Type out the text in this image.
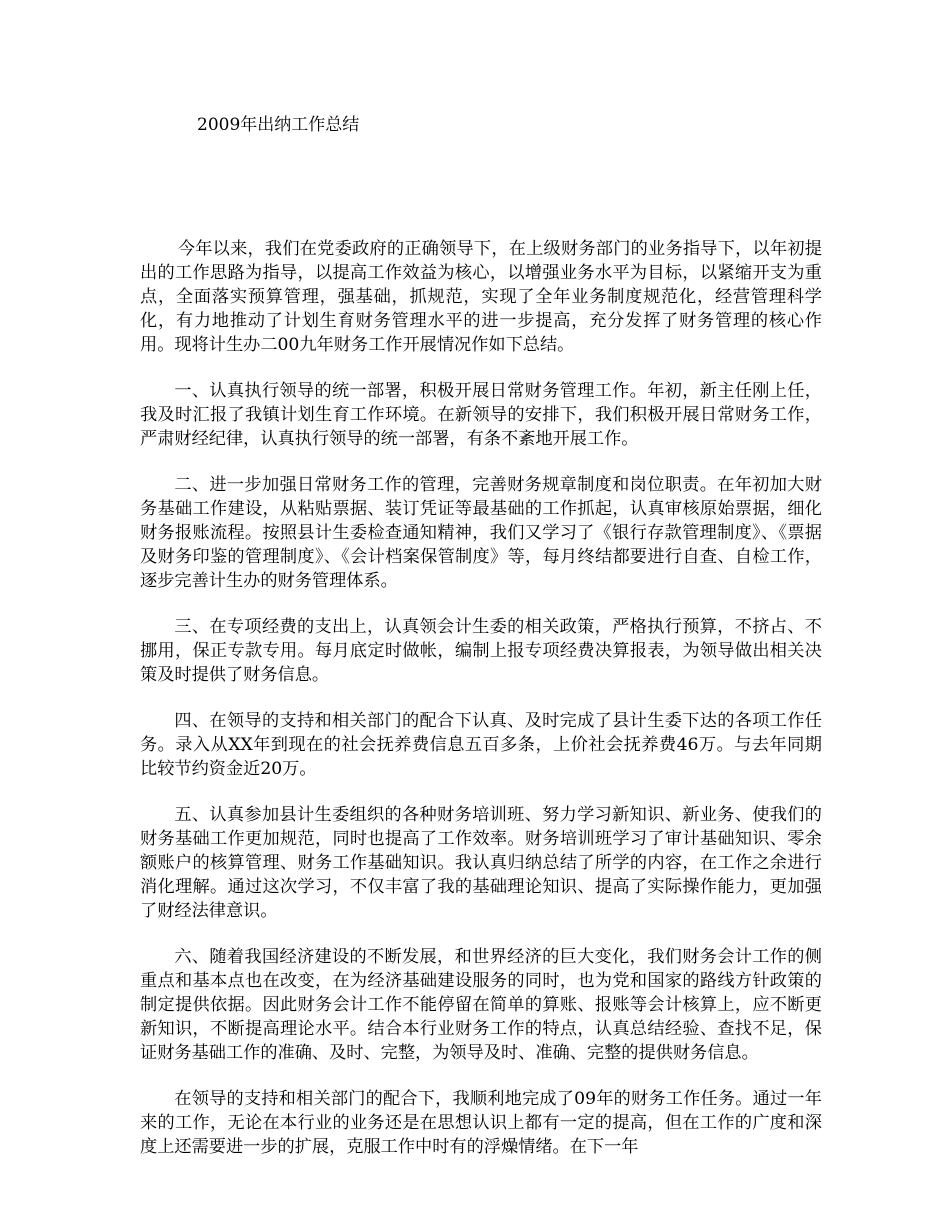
2009年出纳工作总结

今年以来，我们在党委政府的正确领导下，在上级财务部门的业务指导下，以年初提出的工作思路为指导，以提高工作效益为核心，以增强业务水平为目标，以紧缩开支为重点，全面落实预算管理，强基础，抓规范，实现了全年业务制度规范化，经营管理科学化，有力地推动了计划生育财务管理水平的进一步提高，充分发挥了财务管理的核心作用。现将计生办二00九年财务工作开展情况作如下总结。

一、认真执行领导的统一部署，积极开展日常财务管理工作。年初，新主任刚上任，我及时汇报了我镇计划生育工作环境。在新领导的安排下，我们积极开展日常财务工作，严肃财经纪律，认真执行领导的统一部署，有条不紊地开展工作。

二、进一步加强日常财务工作的管理，完善财务规章制度和岗位职责。在年初加大财务基础工作建设，从粘贴票据、装订凭证等最基础的工作抓起，认真审核原始票据，细化财务报账流程。按照县计生委检查通知精神，我们又学习了《银行存款管理制度》、《票据及财务印鉴的管理制度》、《会计档案保管制度》等，每月终结都要进行自查、自检工作，逐步完善计生办的财务管理体系。

三、在专项经费的支出上，认真领会计生委的相关政策，严格执行预算，不挤占、不挪用，保正专款专用。每月底定时做帐，编制上报专项经费决算报表，为领导做出相关决策及时提供了财务信息。

四、在领导的支持和相关部门的配合下认真、及时完成了县计生委下达的各项工作任务。录入从XX年到现在的社会抚养费信息五百多条，上价社会抚养费46万。与去年同期比较节约资金近20万。

五、认真参加县计生委组织的各种财务培训班、努力学习新知识、新业务、使我们的财务基础工作更加规范，同时也提高了工作效率。财务培训班学习了审计基础知识、零余额账户的核算管理、财务工作基础知识。我认真归纳总结了所学的内容，在工作之余进行消化理解。通过这次学习，不仅丰富了我的基础理论知识、提高了实际操作能力，更加强了财经法律意识。

六、随着我国经济建设的不断发展，和世界经济的巨大变化，我们财务会计工作的侧重点和基本点也在改变，在为经济基础建设服务的同时，也为党和国家的路线方针政策的制定提供依据。因此财务会计工作不能停留在简单的算账、报账等会计核算上，应不断更新知识，不断提高理论水平。结合本行业财务工作的特点，认真总结经验、查找不足，保证财务基础工作的准确、及时、完整，为领导及时、准确、完整的提供财务信息。

在领导的支持和相关部门的配合下，我顺利地完成了09年的财务工作任务。通过一年来的工作，无论在本行业的业务还是在思想认识上都有一定的提高，但在工作的广度和深度上还需要进一步的扩展，克服工作中时有的浮燥情绪。在下一年
